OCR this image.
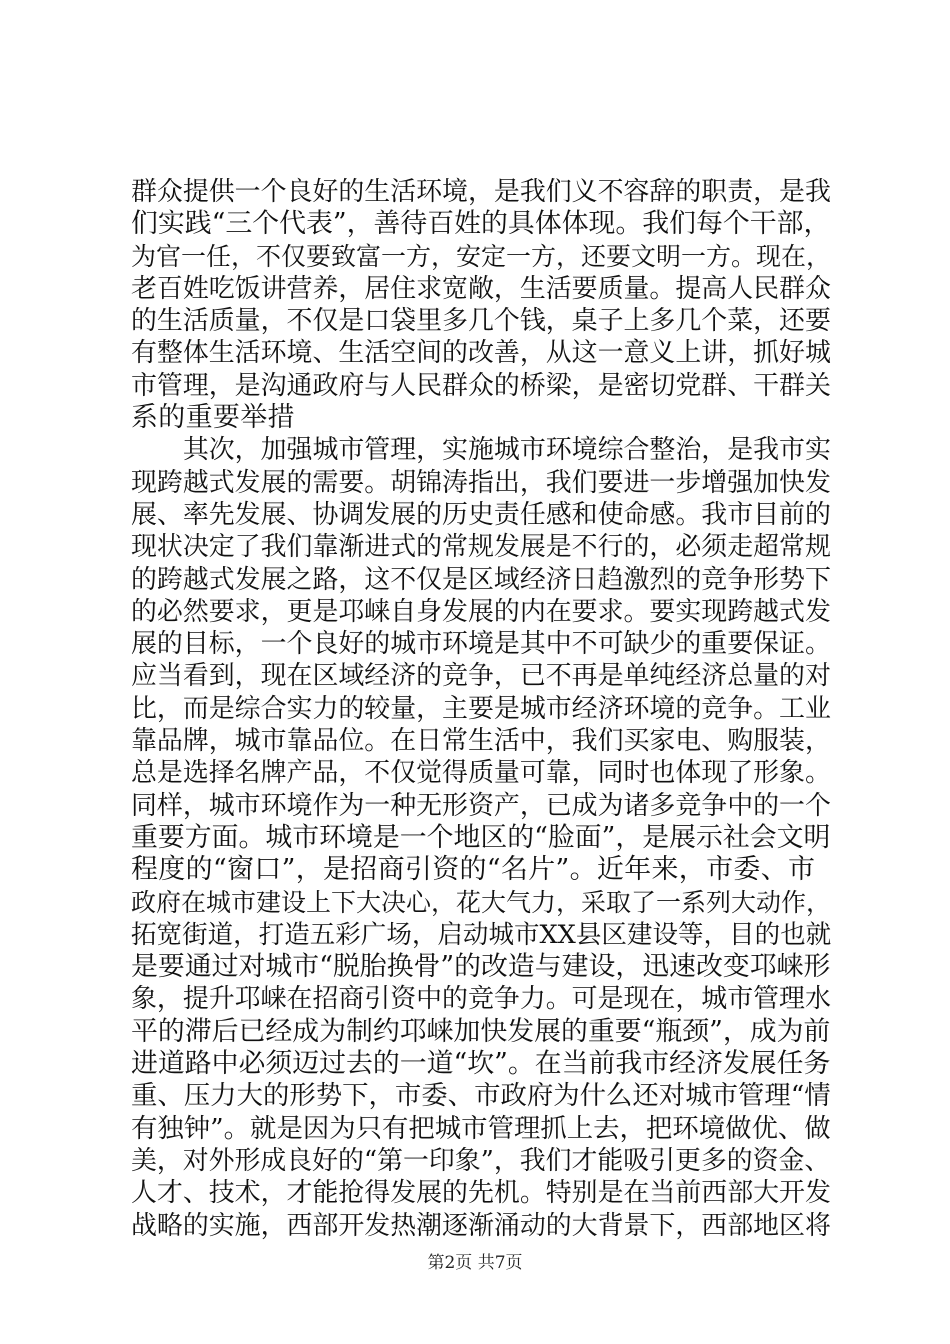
群众提供一个良好的生活环境，是我们义不容辞的职责，是我
们实践“三个代表”，善待百姓的具体体现。我们每个干部，
为官一任，不仅要致富一方，安定一方，还要文明一方。现在，
老百姓吃饭讲营养，居住求宽敞，生活要质量。提高人民群众
的生活质量，不仅是口袋里多几个钱，桌子上多几个菜，还要
有整体生活环境、生活空间的改善，从这一意义上讲，抓好城
市管理，是沟通政府与人民群众的桥梁，是密切党群、干群关
系的重要举措
　　其次，加强城市管理，实施城市环境综合整治，是我市实
现跨越式发展的需要。胡锦涛指出，我们要进一步增强加快发
展、率先发展、协调发展的历史责任感和使命感。我市目前的
现状决定了我们靠渐进式的常规发展是不行的，必须走超常规
的跨越式发展之路，这不仅是区域经济日趋激烈的竞争形势下
的必然要求，更是邛崃自身发展的内在要求。要实现跨越式发
展的目标，一个良好的城市环境是其中不可缺少的重要保证。
应当看到，现在区域经济的竞争，已不再是单纯经济总量的对
比，而是综合实力的较量，主要是城市经济环境的竞争。工业
靠品牌，城市靠品位。在日常生活中，我们买家电、购服装，
总是选择名牌产品，不仅觉得质量可靠，同时也体现了形象。
同样，城市环境作为一种无形资产，已成为诸多竞争中的一个
重要方面。城市环境是一个地区的“脸面”，是展示社会文明
程度的“窗口”，是招商引资的“名片”。近年来，市委、市
政府在城市建设上下大决心，花大气力，采取了一系列大动作，
拓宽街道，打造五彩广场，启动城市XX县区建设等，目的也就
是要通过对城市“脱胎换骨”的改造与建设，迅速改变邛崃形
象，提升邛崃在招商引资中的竞争力。可是现在，城市管理水
平的滞后已经成为制约邛崃加快发展的重要“瓶颈”，成为前
进道路中必须迈过去的一道“坎”。在当前我市经济发展任务
重、压力大的形势下，市委、市政府为什么还对城市管理“情
有独钟”。就是因为只有把城市管理抓上去，把环境做优、做
美，对外形成良好的“第一印象”，我们才能吸引更多的资金、
人才、技术，才能抢得发展的先机。特别是在当前西部大开发
战略的实施，西部开发热潮逐渐涌动的大背景下，西部地区将
第2页 共7页
